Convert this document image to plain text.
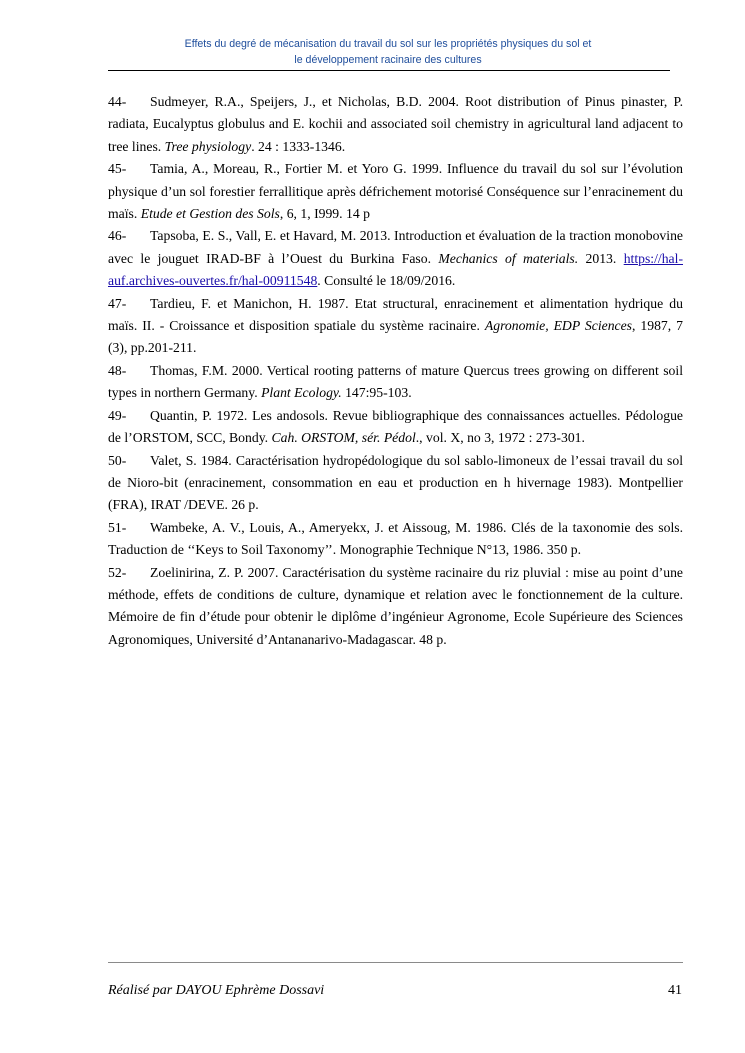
Effets du degré de mécanisation du travail du sol sur les propriétés physiques du sol et
le développement racinaire des cultures

44- Sudmeyer, R.A., Speijers, J., et Nicholas, B.D. 2004. Root distribution of Pinus pinaster, P. radiata, Eucalyptus globulus and E. kochii and associated soil chemistry in agricultural land adjacent to tree lines. Tree physiology. 24 : 1333-1346.

45- Tamia, A., Moreau, R., Fortier M. et Yoro G. 1999. Influence du travail du sol sur l’évolution physique d’un sol forestier ferrallitique après défrichement motorisé Conséquence sur l’enracinement du maïs. Etude et Gestion des Sols, 6, 1, I999. 14 p

46- Tapsoba, E. S., Vall, E. et Havard, M. 2013. Introduction et évaluation de la traction monobovine avec le jouguet IRAD-BF à l’Ouest du Burkina Faso. Mechanics of materials. 2013. https://hal-auf.archives-ouvertes.fr/hal-00911548. Consulté le 18/09/2016.

47- Tardieu, F. et Manichon, H. 1987. Etat structural, enracinement et alimentation hydrique du maïs. II. - Croissance et disposition spatiale du système racinaire. Agronomie, EDP Sciences, 1987, 7 (3), pp.201-211.

48- Thomas, F.M. 2000. Vertical rooting patterns of mature Quercus trees growing on different soil types in northern Germany. Plant Ecology. 147:95-103.

49- Quantin, P. 1972. Les andosols. Revue bibliographique des connaissances actuelles. Pédologue de l’ORSTOM, SCC, Bondy. Cah. ORSTOM, sér. Pédol., vol. X, no 3, 1972 : 273-301.

50- Valet, S. 1984. Caractérisation hydropédologique du sol sablo-limoneux de l’essai travail du sol de Nioro-bit (enracinement, consommation en eau et production en h hivernage 1983). Montpellier (FRA), IRAT /DEVE. 26 p.

51- Wambeke, A. V., Louis, A., Ameryekx, J. et Aissoug, M. 1986. Clés de la taxonomie des sols. Traduction de ‘‘Keys to Soil Taxonomy’’. Monographie Technique N°13, 1986. 350 p.

52- Zoelinirina, Z. P. 2007. Caractérisation du système racinaire du riz pluvial : mise au point d’une méthode, effets de conditions de culture, dynamique et relation avec le fonctionnement de la culture. Mémoire de fin d’étude pour obtenir le diplôme d’ingénieur Agronome, Ecole Supérieure des Sciences Agronomiques, Université d’Antananarivo-Madagascar. 48 p.

Réalisé par DAYOU Ephrème Dossavi	41
